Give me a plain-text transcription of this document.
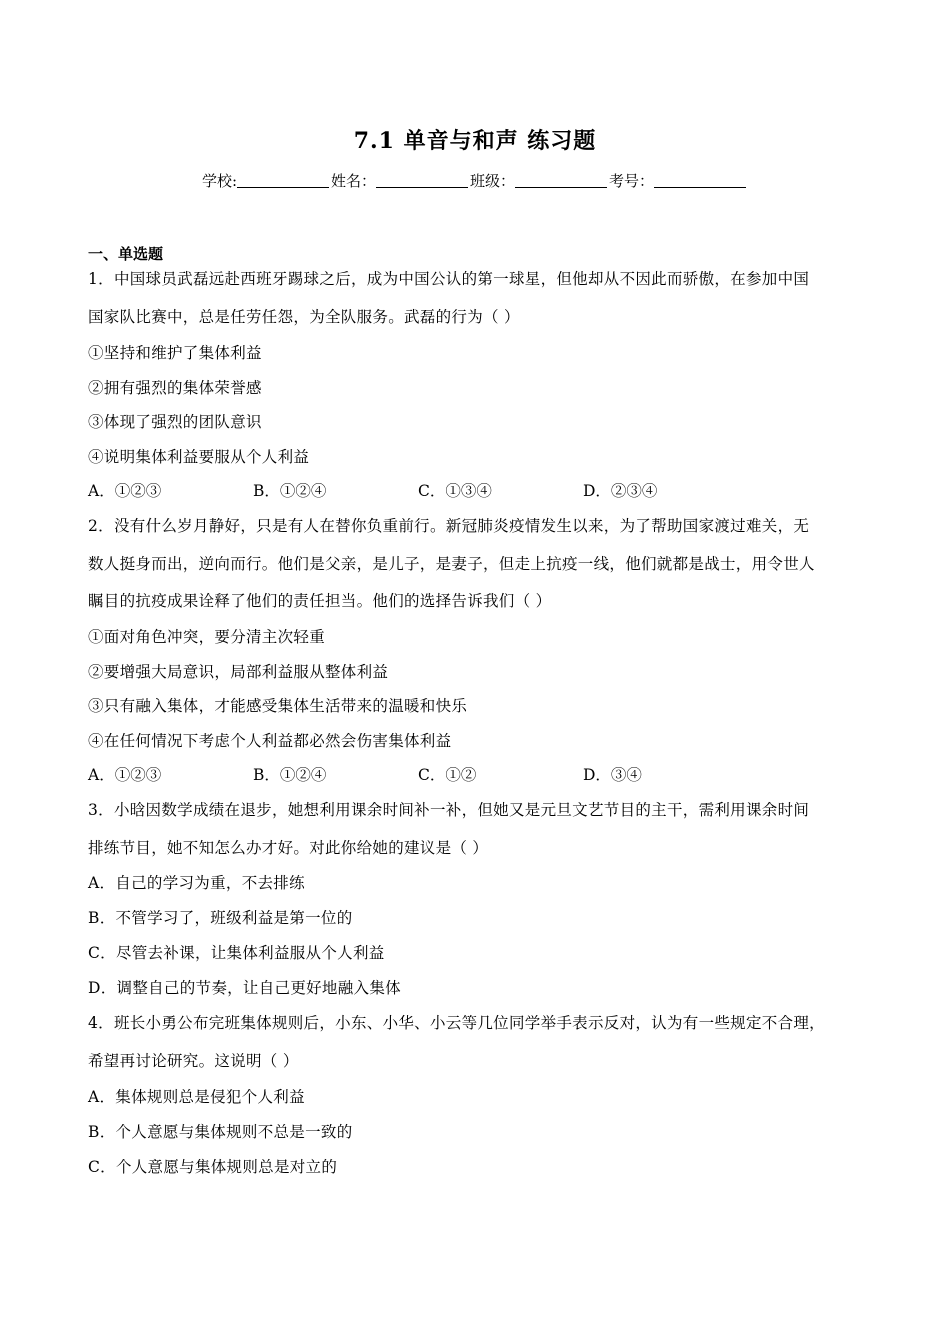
7.1 单音与和声 练习题
学校:	姓名：	班级：	考号：
一、单选题
1．中国球员武磊远赴西班牙踢球之后，成为中国公认的第一球星，但他却从不因此而骄傲，在参加中国
国家队比赛中，总是任劳任怨，为全队服务。武磊的行为（ ）
①坚持和维护了集体利益
②拥有强烈的集体荣誉感
③体现了强烈的团队意识
④说明集体利益要服从个人利益
A．①②③	B．①②④	C．①③④	D．②③④
2．没有什么岁月静好，只是有人在替你负重前行。新冠肺炎疫情发生以来，为了帮助国家渡过难关，无
数人挺身而出，逆向而行。他们是父亲，是儿子，是妻子，但走上抗疫一线，他们就都是战士，用令世人
瞩目的抗疫成果诠释了他们的责任担当。他们的选择告诉我们（ ）
①面对角色冲突，要分清主次轻重
②要增强大局意识，局部利益服从整体利益
③只有融入集体，才能感受集体生活带来的温暖和快乐
④在任何情况下考虑个人利益都必然会伤害集体利益
A．①②③	B．①②④	C．①②	D．③④
3．小晗因数学成绩在退步，她想利用课余时间补一补，但她又是元旦文艺节目的主干，需利用课余时间
排练节目，她不知怎么办才好。对此你给她的建议是（ ）
A．自己的学习为重，不去排练
B．不管学习了，班级利益是第一位的
C．尽管去补课，让集体利益服从个人利益
D．调整自己的节奏，让自己更好地融入集体
4．班长小勇公布完班集体规则后，小东、小华、小云等几位同学举手表示反对，认为有一些规定不合理，
希望再讨论研究。这说明（ ）
A．集体规则总是侵犯个人利益
B．个人意愿与集体规则不总是一致的
C．个人意愿与集体规则总是对立的
